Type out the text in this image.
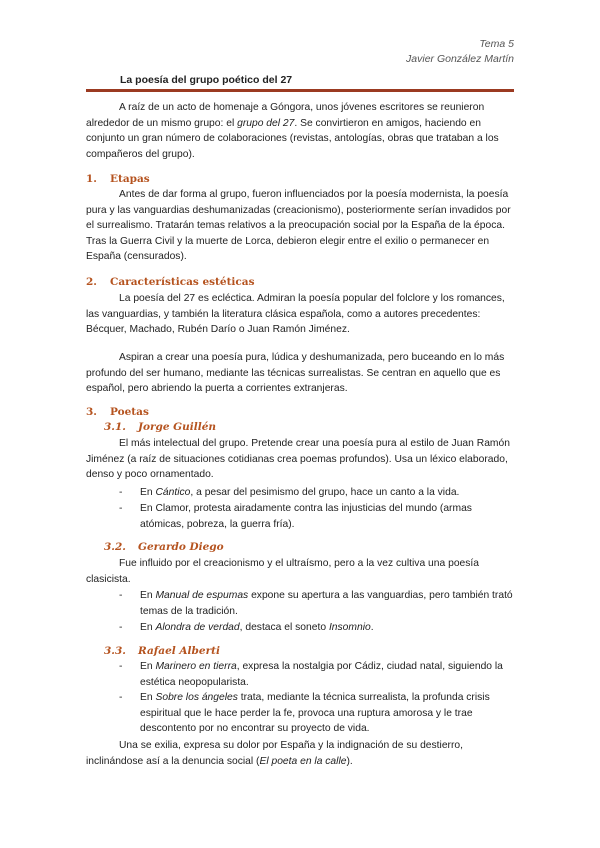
Tema 5
Javier González Martín
La poesía del grupo poético del 27

A raíz de un acto de homenaje a Góngora, unos jóvenes escritores se reunieron alrededor de un mismo grupo: el grupo del 27. Se convirtieron en amigos, haciendo en conjunto un gran número de colaboraciones (revistas, antologías, obras que trataban a los compañeros del grupo).

1. Etapas

Antes de dar forma al grupo, fueron influenciados por la poesía modernista, la poesía pura y las vanguardias deshumanizadas (creacionismo), posteriormente serían invadidos por el surrealismo. Tratarán temas relativos a la preocupación social por la España de la época. Tras la Guerra Civil y la muerte de Lorca, debieron elegir entre el exilio o permanecer en España (censurados).

2. Características estéticas

La poesía del 27 es ecléctica. Admiran la poesía popular del folclore y los romances, las vanguardias, y también la literatura clásica española, como a autores precedentes: Bécquer, Machado, Rubén Darío o Juan Ramón Jiménez.

Aspiran a crear una poesía pura, lúdica y deshumanizada, pero buceando en lo más profundo del ser humano, mediante las técnicas surrealistas. Se centran en aquello que es español, pero abriendo la puerta a corrientes extranjeras.

3. Poetas
3.1. Jorge Guillén

El más intelectual del grupo. Pretende crear una poesía pura al estilo de Juan Ramón Jiménez (a raíz de situaciones cotidianas crea poemas profundos). Usa un léxico elaborado, denso y poco ornamentado.

- En Cántico, a pesar del pesimismo del grupo, hace un canto a la vida.
- En Clamor, protesta airadamente contra las injusticias del mundo (armas atómicas, pobreza, la guerra fría).
3.2. Gerardo Diego

Fue influido por el creacionismo y el ultraísmo, pero a la vez cultiva una poesía clasicista.

- En Manual de espumas expone su apertura a las vanguardias, pero también trató temas de la tradición.
- En Alondra de verdad, destaca el soneto Insomnio.
3.3. Rafael Alberti
- En Marinero en tierra, expresa la nostalgia por Cádiz, ciudad natal, siguiendo la estética neopopularista.
- En Sobre los ángeles trata, mediante la técnica surrealista, la profunda crisis espiritual que le hace perder la fe, provoca una ruptura amorosa y le trae descontento por no encontrar su proyecto de vida.

Una se exilia, expresa su dolor por España y la indignación de su destierro, inclinándose así a la denuncia social (El poeta en la calle).
